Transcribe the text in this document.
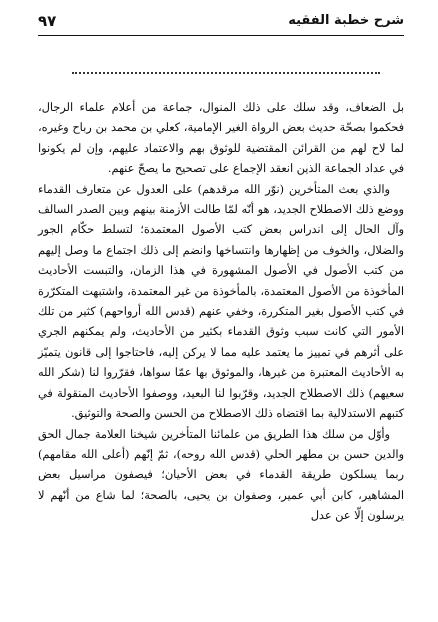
٩٧	شرح خطبة الفقيه

بل الضعاف، وقد سلك على ذلك المنوال، جماعة من أعلام علماء الرجال، فحكموا بصحّة حديث بعض الرواة الغير الإمامية، كعلي بن محمد بن رباح وغيره، لما لاح لهم من القرائن المقتضية للوثوق بهم والاعتماد عليهم، وإن لم يكونوا في عداد الجماعة الذين انعقد الإجماع على تصحيح ما يصحّ عنهم.

والذي بعث المتأخرين (نوّر الله مرقدهم) على العدول عن متعارف القدماء ووضع ذلك الاصطلاح الجديد، هو أنّه لمّا طالت الأزمنة بينهم وبين الصدر السالف وآل الحال إلى اندراس بعض كتب الأصول المعتمدة؛ لتسلط حكّام الجور والضلال، والخوف من إظهارها وانتساخها وانضم إلى ذلك اجتماع ما وصل إليهم من كتب الأصول في الأصول المشهورة في هذا الزمان، والتبست الأحاديث المأخوذة من الأصول المعتمدة، بالمأخوذة من غير المعتمدة، واشتبهت المتكرّرة في كتب الأصول بغير المتكررة، وخفي عنهم (قدس الله أرواحهم) كثير من تلك الأمور التي كانت سبب وثوق القدماء بكثير من الأحاديث، ولم يمكنهم الجري على أثرهم في تمييز ما يعتمد عليه مما لا يركن إليه، فاحتاجوا إلى قانون يتميّز به الأحاديث المعتبرة من غيرها، والموثوق بها عمّا سواها، فقرّروا لنا (شكر الله سعيهم) ذلك الاصطلاح الجديد، وقرّبوا لنا البعيد، ووصفوا الأحاديث المنقولة في كتبهم الاستدلالية بما اقتضاه ذلك الاصطلاح من الحسن والصحة والتوثيق.

وأوّل من سلك هذا الطريق من علمائنا المتأخرين شيخنا العلامة جمال الحق والدين حسن بن مطهر الحلي (قدس الله روحه)، ثمّ إنّهم (أعلى الله مقامهم) ربما يسلكون طريقة القدماء في بعض الأحيان؛ فيصفون مراسيل بعض المشاهير، كابن أبي عمير، وصفوان بن يحيى، بالصحة؛ لما شاع من أنّهم لا يرسلون إلّا عن عدل
